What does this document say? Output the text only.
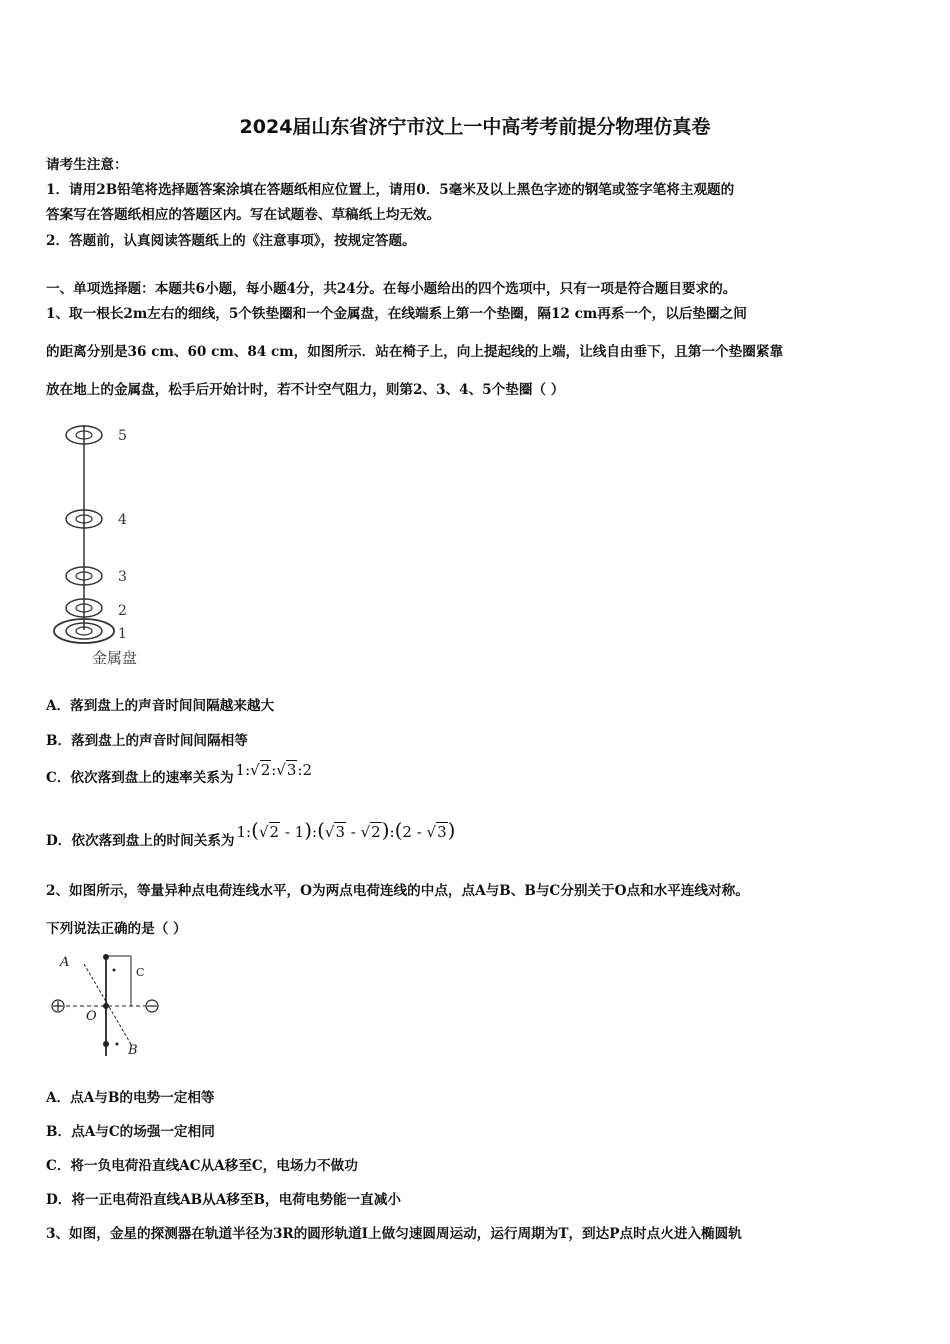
2024届山东省济宁市汶上一中高考考前提分物理仿真卷
请考生注意：
1．请用2B铅笔将选择题答案涂填在答题纸相应位置上，请用0．5毫米及以上黑色字迹的钢笔或签字笔将主观题的
答案写在答题纸相应的答题区内。写在试题卷、草稿纸上均无效。
2．答题前，认真阅读答题纸上的《注意事项》，按规定答题。
一、单项选择题：本题共6小题，每小题4分，共24分。在每小题给出的四个选项中，只有一项是符合题目要求的。
1、取一根长2m左右的细线，5个铁垫圈和一个金属盘，在线端系上第一个垫圈，隔12 cm再系一个，以后垫圈之间
的距离分别是36 cm、60 cm、84 cm，如图所示．站在椅子上，向上提起线的上端，让线自由垂下，且第一个垫圈紧靠
放在地上的金属盘，松手后开始计时，若不计空气阻力，则第2、3、4、5个垫圈（ ）
5
4
3
2
1
金属盘
A．落到盘上的声音时间间隔越来越大
B．落到盘上的声音时间间隔相等
C．依次落到盘上的速率关系为 1:√2:√3:2
D．依次落到盘上的时间关系为 1:(√2 - 1):(√3 - √2):(2 - √3)
2、如图所示，等量异种点电荷连线水平，O为两点电荷连线的中点，点A与B、B与C分别关于O点和水平连线对称。
下列说法正确的是（ ）
A
C
O
B
A．点A与B的电势一定相等
B．点A与C的场强一定相同
C．将一负电荷沿直线AC从A移至C，电场力不做功
D．将一正电荷沿直线AB从A移至B，电荷电势能一直减小
3、如图，金星的探测器在轨道半径为3R的圆形轨道I上做匀速圆周运动，运行周期为T，到达P点时点火进入椭圆轨
